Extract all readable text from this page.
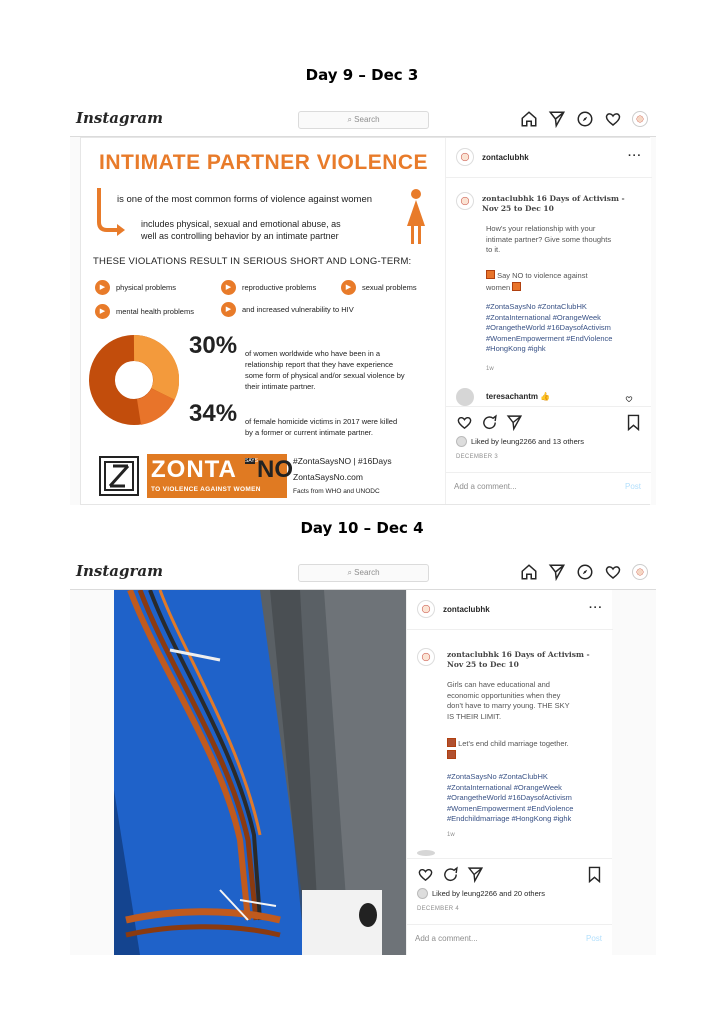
Day 9 – Dec 3
Instagram	⌕ Search
INTIMATE PARTNER VIOLENCE
is one of the most common forms of violence against women
includes physical, sexual and emotional abuse, as
well as controlling behavior by an intimate partner
THESE VIOLATIONS RESULT IN SERIOUS SHORT AND LONG-TERM:
▶	physical problems	▶	reproductive problems	▶	sexual problems
▶	mental health problems	▶	and increased vulnerability to HIV
30% of women worldwide who have been in a
relationship report that they have experience
some form of physical and/or sexual violence by
their intimate partner.
34% of female homicide victims in 2017 were killed
by a former or current intimate partner.
ZONTA SAYS NO
TO VIOLENCE AGAINST WOMEN
#ZontaSaysNO | #16Days
ZontaSaysNo.com
Facts from WHO and UNODC
zontaclubhk	···
zontaclubhk 16 Days of Activism -
Nov 25 to Dec 10
How's your relationship with your
intimate partner? Give some thoughts
to it.
Say NO to violence against
women
#ZontaSaysNo #ZontaClubHK
#ZontaInternational #OrangeWeek
#OrangetheWorld #16DaysofActivism
#WomenEmpowerment #EndViolence
#HongKong #ighk
1w
teresachantm 👍
Liked by leung2266 and 13 others
DECEMBER 3
Add a comment...	Post
Day 10 – Dec 4
Instagram	⌕ Search
zontaclubhk	···
zontaclubhk 16 Days of Activism -
Nov 25 to Dec 10
Girls can have educational and
economic opportunities when they
don't have to marry young. THE SKY
IS THEIR LIMIT.
Let's end child marriage together.
#ZontaSaysNo #ZontaClubHK
#ZontaInternational #OrangeWeek
#OrangetheWorld #16DaysofActivism
#WomenEmpowerment #EndViolence
#Endchildmarriage #HongKong #ighk
1w
Liked by leung2266 and 20 others
DECEMBER 4
Add a comment...	Post
